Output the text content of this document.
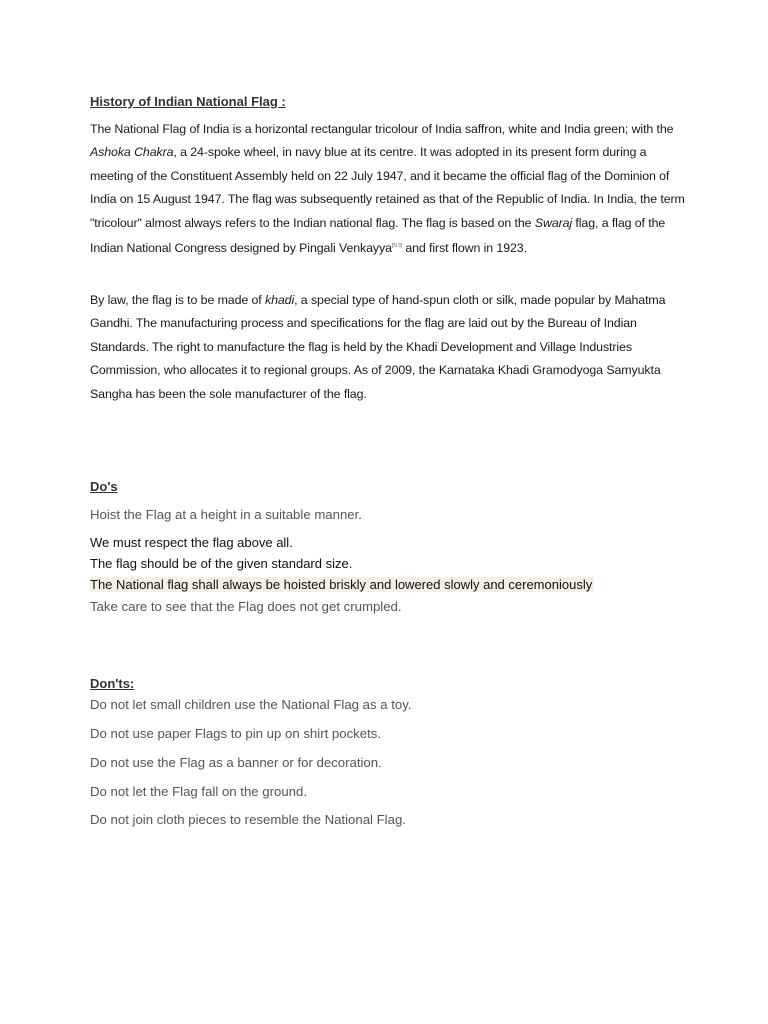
History of Indian National Flag :

The National Flag of India is a horizontal rectangular tricolour of India saffron, white and India green; with the Ashoka Chakra, a 24-spoke wheel, in navy blue at its centre. It was adopted in its present form during a meeting of the Constituent Assembly held on 22 July 1947, and it became the official flag of the Dominion of India on 15 August 1947. The flag was subsequently retained as that of the Republic of India. In India, the term "tricolour" almost always refers to the Indian national flag. The flag is based on the Swaraj flag, a flag of the Indian National Congress designed by Pingali Venkayya[N 3] and first flown in 1923.

By law, the flag is to be made of khadi, a special type of hand-spun cloth or silk, made popular by Mahatma Gandhi. The manufacturing process and specifications for the flag are laid out by the Bureau of Indian Standards. The right to manufacture the flag is held by the Khadi Development and Village Industries Commission, who allocates it to regional groups. As of 2009, the Karnataka Khadi Gramodyoga Samyukta Sangha has been the sole manufacturer of the flag.

Do's

Hoist the Flag at a height in a suitable manner.

We must respect the flag above all.

The flag should be of the given standard size.

The National flag shall always be hoisted briskly and lowered slowly and ceremoniously

Take care to see that the Flag does not get crumpled.

Don'ts:

Do not let small children use the National Flag as a toy.

Do not use paper Flags to pin up on shirt pockets.

Do not use the Flag as a banner or for decoration.

Do not let the Flag fall on the ground.

Do not join cloth pieces to resemble the National Flag.
